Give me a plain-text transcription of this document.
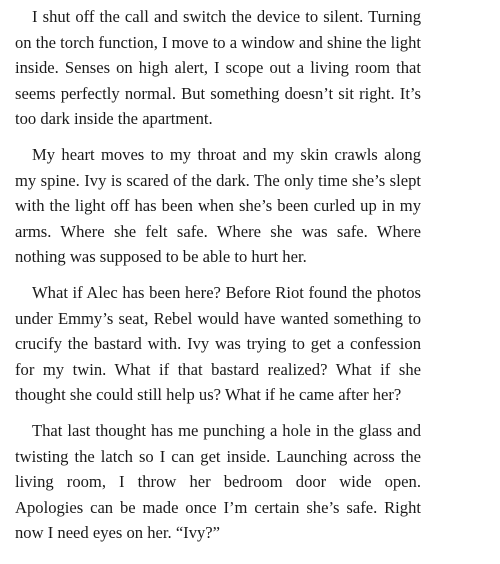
I shut off the call and switch the device to silent. Turning on the torch function, I move to a window and shine the light inside. Senses on high alert, I scope out a living room that seems perfectly normal. But something doesn’t sit right. It’s too dark inside the apartment.

My heart moves to my throat and my skin crawls along my spine. Ivy is scared of the dark. The only time she’s slept with the light off has been when she’s been curled up in my arms. Where she felt safe. Where she was safe. Where nothing was supposed to be able to hurt her.

What if Alec has been here? Before Riot found the photos under Emmy’s seat, Rebel would have wanted something to crucify the bastard with. Ivy was trying to get a confession for my twin. What if that bastard realized? What if she thought she could still help us? What if he came after her?

That last thought has me punching a hole in the glass and twisting the latch so I can get inside. Launching across the living room, I throw her bedroom door wide open. Apologies can be made once I’m certain she’s safe. Right now I need eyes on her. “Ivy?”
